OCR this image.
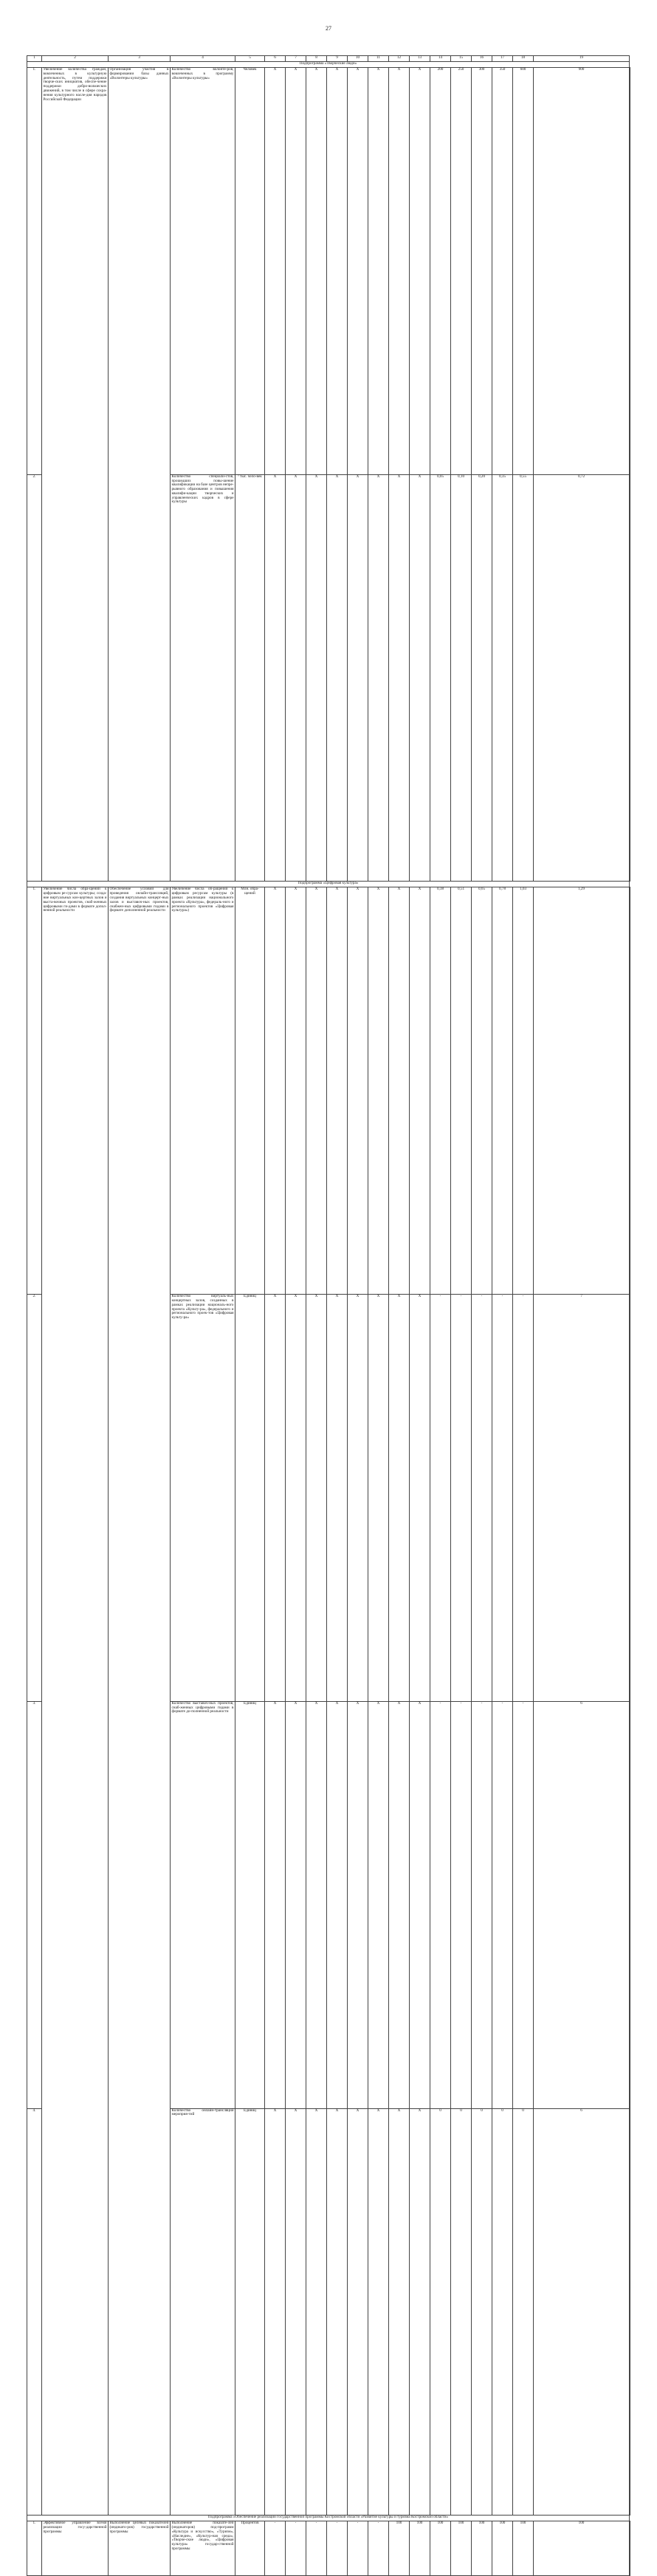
27
1	2	3	4	5	6	7	8	9	10	11	12	13	14	15	16	17	18	19	
Подпрограмма «Творческие люди»																			
1.	Увеличение количества граждан, вовлеченных в культурную деятельность, путем поддержки творче-ских инициатив, обеспе-чение поддержки добро-вольческих движений, в том числе в сфере сохра-нения культурного насле-дия народов Российской Федерации	Организация участия в формировании базы данных «Волонтеры культуры»	Количество волонте-ров, вовлеченных в программу «Волонтеры культуры»	Человек	Х	Х	Х	Х	Х	Х	Х	Х	200	250	300	350	600	900	
2.			Количество специали-стов, прошедших повы-шение квалификации на базе центров непре-рывного образования и повышения квалифи-кации творческих и управленческих кадров в сфере культуры	¹ тыс. чело-век	Х	Х	Х	Х	Х	Х	Х	Х	0,05	0,10	0,20	0,35	0,55	0,72	
Подпрограмма «Цифровая культура»																			
1.	Увеличение числа обра-щений к цифровым ре-сурсам культуры; созда-ние виртуальных кон-цертных залов и выста-вочных проектов, снаб-женных цифровыми ги-дами в формате допол-ненной реальности	Обеспечение условий для проведения онлайн-трансляций, создания виртуальных концерт-ных залов и выставоч-ных проектов, снабжен-ных цифровыми гидами в формате дополненной реальности	Увеличение числа об-ращений к цифровым ресурсам культуры (в рамках реализации национального проекта «Культура», федераль-ного и регионального проектов «Цифровая культура»)	Млн. обра-щений	Х	Х	Х	Х	Х	Х	Х	Х	0,38	0,51	0,65	0,78	1,03	1,29	
2.			Количество виртуаль-ных концертных залов, созданных в рамках реализации националь-ного проекта «Культу-ра», федерального и регионального проек-тов «Цифровая культу-ра»	Единиц	Х	Х	Х	Х	Х	Х	Х	Х	-	-	-	-	-	7	
3.			Количество выставоч-ных проектов, снаб-женных цифровыми гидами в формате до-полненной реальности	Единиц	Х	Х	Х	Х	Х	Х	Х	Х	-	-	-	-	-	6	
4.			Количество онлайн-трансляций мероприя-тий	Единиц	Х	Х	Х	Х	Х	Х	Х	Х	0	0	0	0	0	6	
Подпрограмма «Обеспечение реализации государственной программы Костромской области «Развитие культуры и туризма Костромской области»																			
1.	Эффективное управление всеми реализации госу-дарственной программы	Выполнение целевых показателей (индикато-ров) государственной программы	Выполнение показате-лей (индикаторов) под-программ «Культура и искусство», «Туризм», «Наследие», «Культур-ная среда», «Творче-ские люди», «Цифровая культура» государ-ственной программы	Процентов	-	-	-	-	-	-	100	100	100	100	100	100	100	100	
